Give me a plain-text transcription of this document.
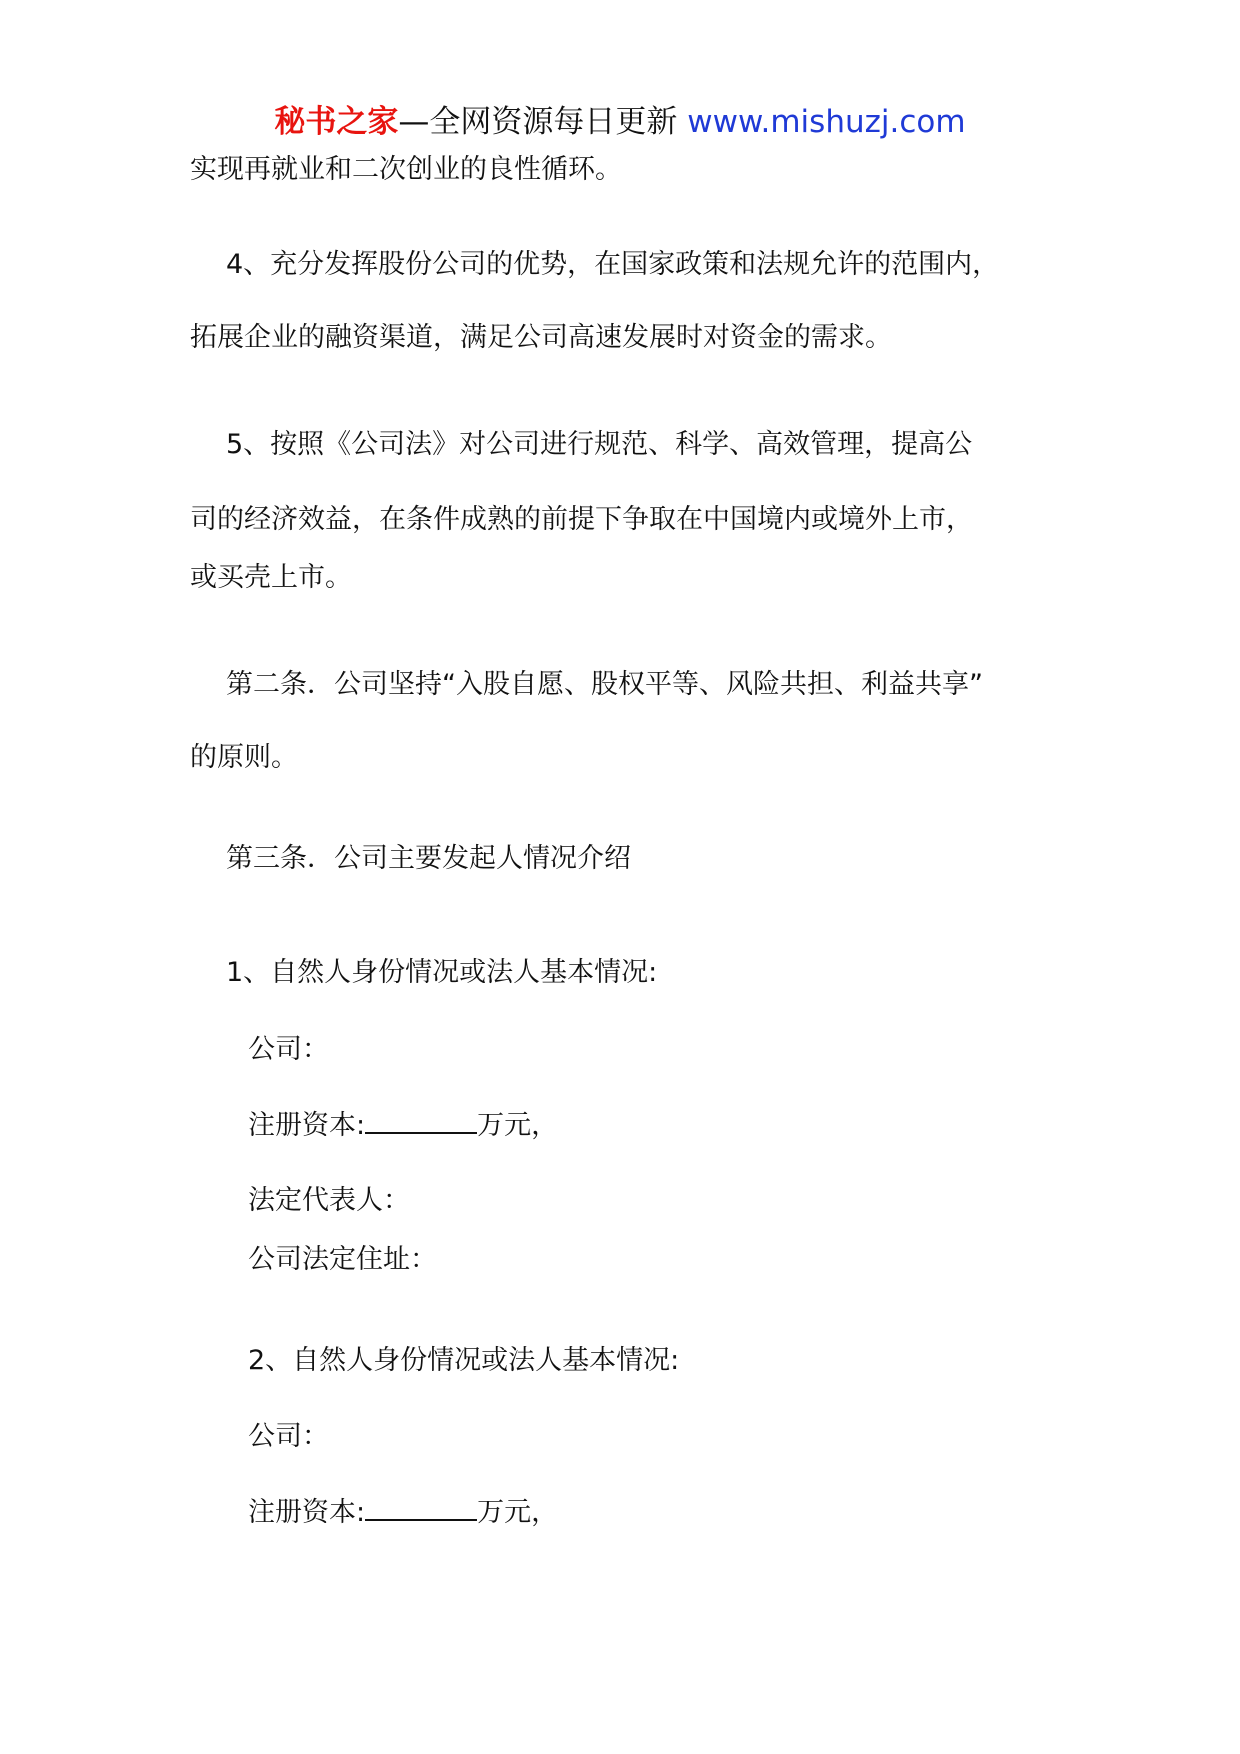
秘书之家—全网资源每日更新 www.mishuzj.com
实现再就业和二次创业的良性循环。
4、充分发挥股份公司的优势，在国家政策和法规允许的范围内，
拓展企业的融资渠道，满足公司高速发展时对资金的需求。
5、按照《公司法》对公司进行规范、科学、高效管理，提高公
司的经济效益，在条件成熟的前提下争取在中国境内或境外上市，
或买壳上市。
第二条．公司坚持“入股自愿、股权平等、风险共担、利益共享”
的原则。
第三条．公司主要发起人情况介绍
1、自然人身份情况或法人基本情况:
公司：
注册资本:	万元，
法定代表人：
公司法定住址：
2、自然人身份情况或法人基本情况:
公司：
注册资本:	万元，
